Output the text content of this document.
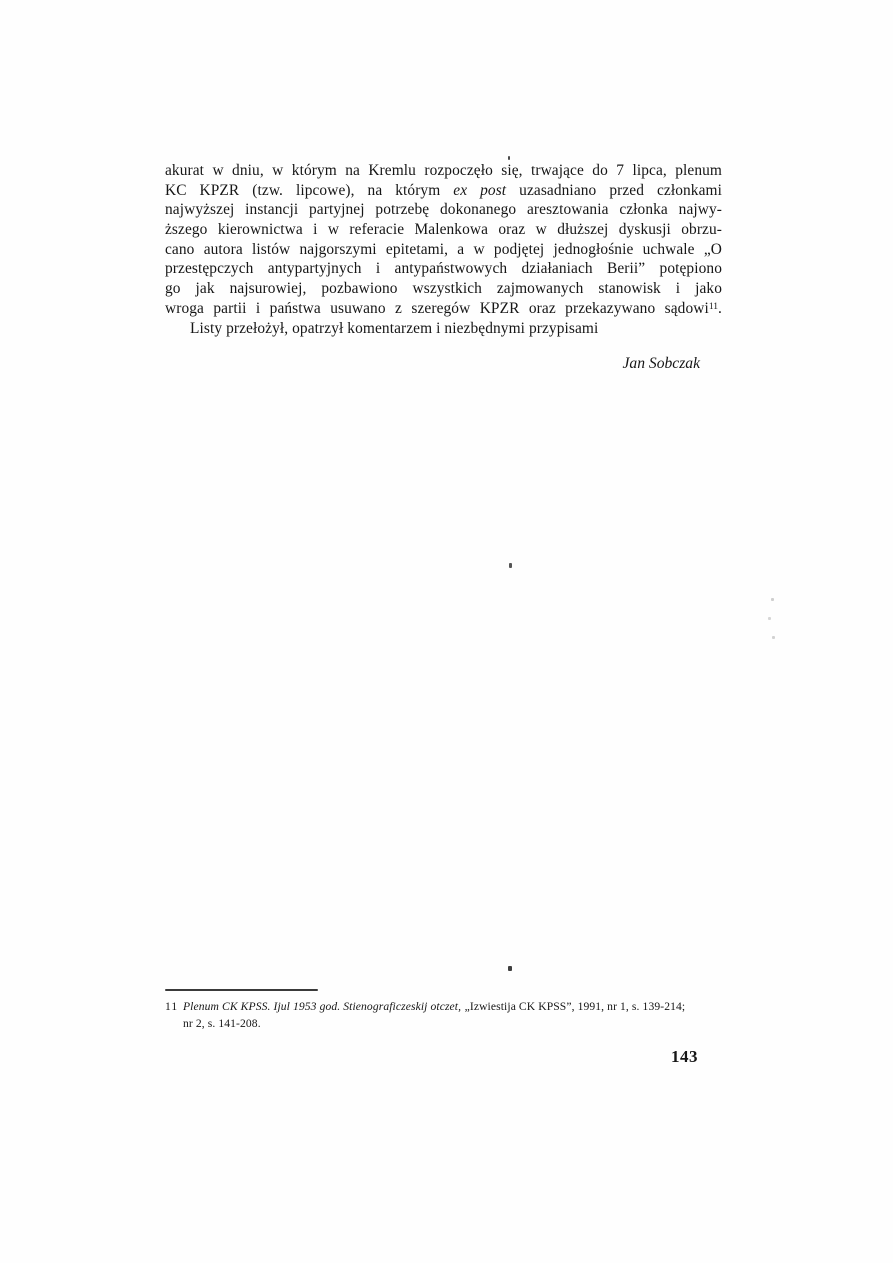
akurat w dniu, w którym na Kremlu rozpoczęło się, trwające do 7 lipca, plenum
KC KPZR (tzw. lipcowe), na którym ex post uzasadniano przed członkami
najwyższej instancji partyjnej potrzebę dokonanego aresztowania członka najwy-
ższego kierownictwa i w referacie Malenkowa oraz w dłuższej dyskusji obrzu-
cano autora listów najgorszymi epitetami, a w podjętej jednogłośnie uchwale „O
przestępczych antypartyjnych i antypaństwowych działaniach Berii” potępiono
go jak najsurowiej, pozbawiono wszystkich zajmowanych stanowisk i jako
wroga partii i państwa usuwano z szeregów KPZR oraz przekazywano sądowi$^{11}$.
Listy przełożył, opatrzył komentarzem i niezbędnymi przypisami
Jan Sobczak
11 Plenum CK KPSS. Ijul 1953 god. Stienograficzeskij otczet, „Izwiestija CK KPSS”, 1991, nr 1, s. 139-214;
nr 2, s. 141-208.
143
